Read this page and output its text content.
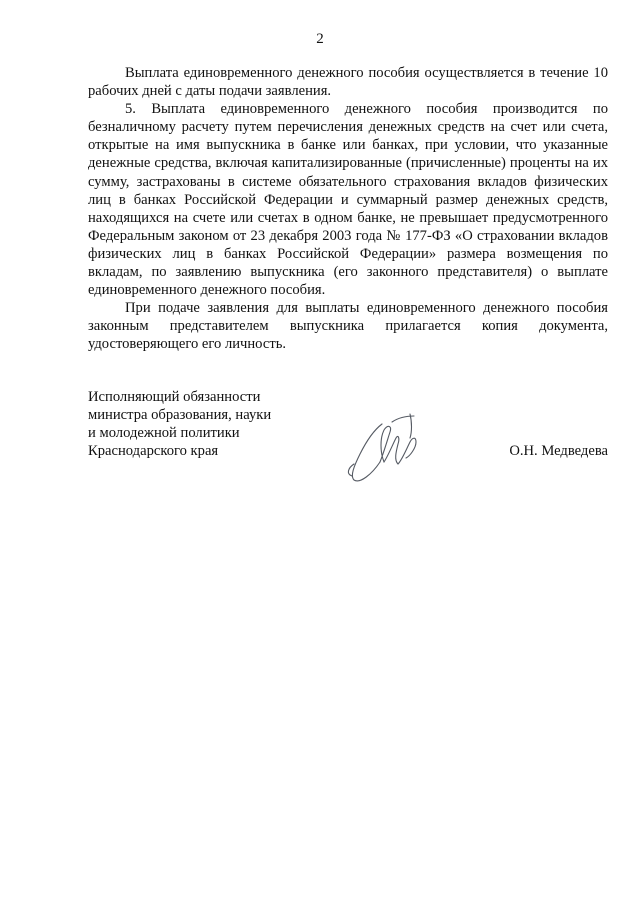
2

Выплата единовременного денежного пособия осуществляется в течение 10 рабочих дней с даты подачи заявления.

5. Выплата единовременного денежного пособия производится по безналичному расчету путем перечисления денежных средств на счет или счета, открытые на имя выпускника в банке или банках, при условии, что указанные денежные средства, включая капитализированные (причисленные) проценты на их сумму, застрахованы в системе обязательного страхования вкладов физических лиц в банках Российской Федерации и суммарный размер денежных средств, находящихся на счете или счетах в одном банке, не превышает предусмотренного Федеральным законом от 23 декабря 2003 года № 177-ФЗ «О страховании вкладов физических лиц в банках Российской Федерации» размера возмещения по вкладам, по заявлению выпускника (его законного представителя) о выплате единовременного денежного пособия.

При подаче заявления для выплаты единовременного денежного пособия законным представителем выпускника прилагается копия документа, удостоверяющего его личность.

Исполняющий обязанности
министра образования, науки
и молодежной политики
Краснодарского края	О.Н. Медведева
